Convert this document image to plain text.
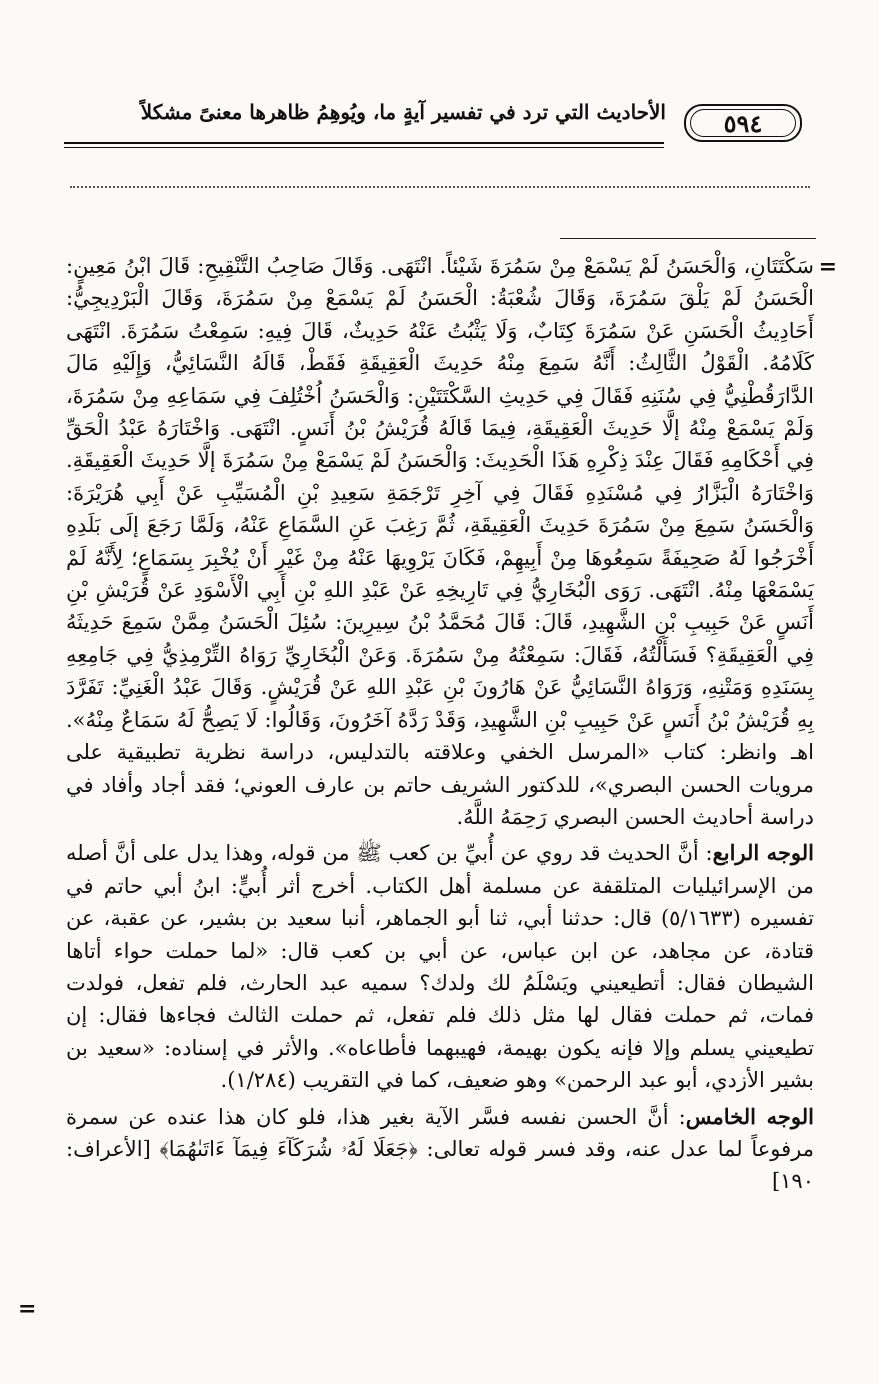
الأحاديث التي ترد في تفسير آيةٍ ما، ويُوهِمُ ظاهرها معنىً مشكلاً	٥٩٤
=
سَكْتَتَانِ، وَالْحَسَنُ لَمْ يَسْمَعْ مِنْ سَمُرَةَ شَيْئاً. انْتَهَى. وَقَالَ صَاحِبُ التَّنْقِيحِ: قَالَ ابْنُ مَعِينٍ: الْحَسَنُ لَمْ يَلْقَ سَمُرَةَ، وَقَالَ شُعْبَةُ: الْحَسَنُ لَمْ يَسْمَعْ مِنْ سَمُرَةَ، وَقَالَ الْبَرْدِيجِيُّ: أَحَادِيثُ الْحَسَنِ عَنْ سَمُرَةَ كِتَابٌ، وَلَا يَثْبُتُ عَنْهُ حَدِيثٌ، قَالَ فِيهِ: سَمِعْتُ سَمُرَةَ. انْتَهَى كَلَامُهُ. الْقَوْلُ الثَّالِثُ: أَنَّهُ سَمِعَ مِنْهُ حَدِيثَ الْعَقِيقَةِ فَقَطْ، قَالَهُ النَّسَائِيُّ، وَإِلَيْهِ مَالَ الدَّارَقُطْنِيُّ فِي سُنَنِهِ فَقَالَ فِي حَدِيثِ السَّكْتَتَيْنِ: وَالْحَسَنُ اُخْتُلِفَ فِي سَمَاعِهِ مِنْ سَمُرَةَ، وَلَمْ يَسْمَعْ مِنْهُ إلَّا حَدِيثَ الْعَقِيقَةِ، فِيمَا قَالَهُ قُرَيْشُ بْنُ أَنَسٍ. انْتَهَى. وَاخْتَارَهُ عَبْدُ الْحَقِّ فِي أَحْكَامِهِ فَقَالَ عِنْدَ ذِكْرِهِ هَذَا الْحَدِيثَ: وَالْحَسَنُ لَمْ يَسْمَعْ مِنْ سَمُرَةَ إلَّا حَدِيثَ الْعَقِيقَةِ. وَاخْتَارَهُ الْبَزَّارُ فِي مُسْنَدِهِ فَقَالَ فِي آخِرِ تَرْجَمَةِ سَعِيدِ بْنِ الْمُسَيِّبِ عَنْ أَبِي هُرَيْرَةَ: وَالْحَسَنُ سَمِعَ مِنْ سَمُرَةَ حَدِيثَ الْعَقِيقَةِ، ثُمَّ رَغِبَ عَنِ السَّمَاعِ عَنْهُ، وَلَمَّا رَجَعَ إلَى بَلَدِهِ أَخْرَجُوا لَهُ صَحِيفَةً سَمِعُوهَا مِنْ أَبِيهِمْ، فَكَانَ يَرْوِيهَا عَنْهُ مِنْ غَيْرِ أَنْ يُخْبِرَ بِسَمَاعٍ؛ لِأَنَّهُ لَمْ يَسْمَعْهَا مِنْهُ. انْتَهَى. رَوَى الْبُخَارِيُّ فِي تَارِيخِهِ عَنْ عَبْدِ اللهِ بْنِ أَبِي الْأَسْوَدِ عَنْ قُرَيْشِ بْنِ أَنَسٍ عَنْ حَبِيبِ بْنِ الشَّهِيدِ، قَالَ: قَالَ مُحَمَّدُ بْنُ سِيرِينَ: سُئِلَ الْحَسَنُ مِمَّنْ سَمِعَ حَدِيثَهُ فِي الْعَقِيقَةِ؟ فَسَأَلْتُهُ، فَقَالَ: سَمِعْتُهُ مِنْ سَمُرَةَ. وَعَنْ الْبُخَارِيِّ رَوَاهُ التِّرْمِذِيُّ فِي جَامِعِهِ بِسَنَدِهِ وَمَتْنِهِ، وَرَوَاهُ النَّسَائِيُّ عَنْ هَارُونَ بْنِ عَبْدِ اللهِ عَنْ قُرَيْشٍ. وَقَالَ عَبْدُ الْغَنِيِّ: تَفَرَّدَ بِهِ قُرَيْشُ بْنُ أَنَسٍ عَنْ حَبِيبِ بْنِ الشَّهِيدِ، وَقَدْ رَدَّهُ آخَرُونَ، وَقَالُوا: لَا يَصِحُّ لَهُ سَمَاعٌ مِنْهُ». اهـ وانظر: كتاب «المرسل الخفي وعلاقته بالتدليس، دراسة نظرية تطبيقية على مرويات الحسن البصري»، للدكتور الشريف حاتم بن عارف العوني؛ فقد أجاد وأفاد في دراسة أحاديث الحسن البصري رَحِمَهُ اللَّهُ.
الوجه الرابع: أنَّ الحديث قد روي عن أُبيِّ بن كعب ﷺ من قوله، وهذا يدل على أنَّ أصله من الإسرائيليات المتلقفة عن مسلمة أهل الكتاب. أخرج أثر أُبيٍّ: ابنُ أبي حاتم في تفسيره (٥/١٦٣٣) قال: حدثنا أبي، ثنا أبو الجماهر، أنبا سعيد بن بشير، عن عقبة، عن قتادة، عن مجاهد، عن ابن عباس، عن أبي بن كعب قال: «لما حملت حواء أتاها الشيطان فقال: أتطيعيني ويَسْلَمُ لك ولدك؟ سميه عبد الحارث، فلم تفعل، فولدت فمات، ثم حملت فقال لها مثل ذلك فلم تفعل، ثم حملت الثالث فجاءها فقال: إن تطيعيني يسلم وإلا فإنه يكون بهيمة، فهيبهما فأطاعاه». والأثر في إسناده: «سعيد بن بشير الأزدي، أبو عبد الرحمن» وهو ضعيف، كما في التقريب (١/٢٨٤).
الوجه الخامس: أنَّ الحسن نفسه فسَّر الآية بغير هذا، فلو كان هذا عنده عن سمرة مرفوعاً لما عدل عنه، وقد فسر قوله تعالى: ﴿جَعَلَا لَهُۥ شُرَكَآءَ فِيمَآ ءَاتَىٰهُمَا﴾ [الأعراف: ١٩٠]
=
